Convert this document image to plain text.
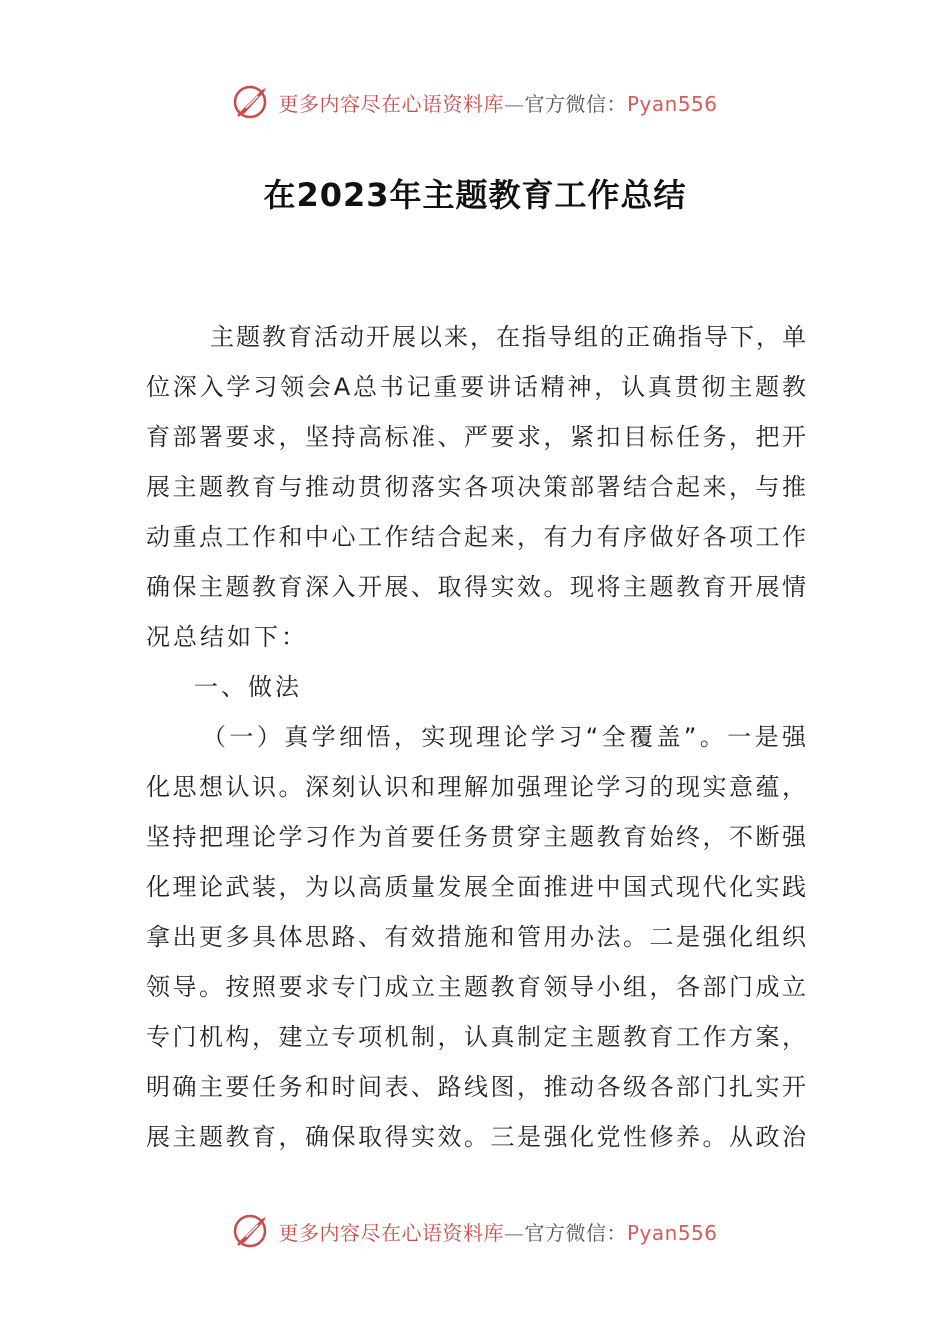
更多内容尽在心语资料库—官方微信：Pyan556
在2023年主题教育工作总结
主题教育活动开展以来，在指导组的正确指导下，单
位深入学习领会A总书记重要讲话精神，认真贯彻主题教
育部署要求，坚持高标准、严要求，紧扣目标任务，把开
展主题教育与推动贯彻落实各项决策部署结合起来，与推
动重点工作和中心工作结合起来，有力有序做好各项工作
确保主题教育深入开展、取得实效。现将主题教育开展情
况总结如下：
一、做法
（一）真学细悟，实现理论学习“全覆盖”。一是强
化思想认识。深刻认识和理解加强理论学习的现实意蕴，
坚持把理论学习作为首要任务贯穿主题教育始终，不断强
化理论武装，为以高质量发展全面推进中国式现代化实践
拿出更多具体思路、有效措施和管用办法。二是强化组织
领导。按照要求专门成立主题教育领导小组，各部门成立
专门机构，建立专项机制，认真制定主题教育工作方案，
明确主要任务和时间表、路线图，推动各级各部门扎实开
展主题教育，确保取得实效。三是强化党性修养。从政治
更多内容尽在心语资料库—官方微信：Pyan556
